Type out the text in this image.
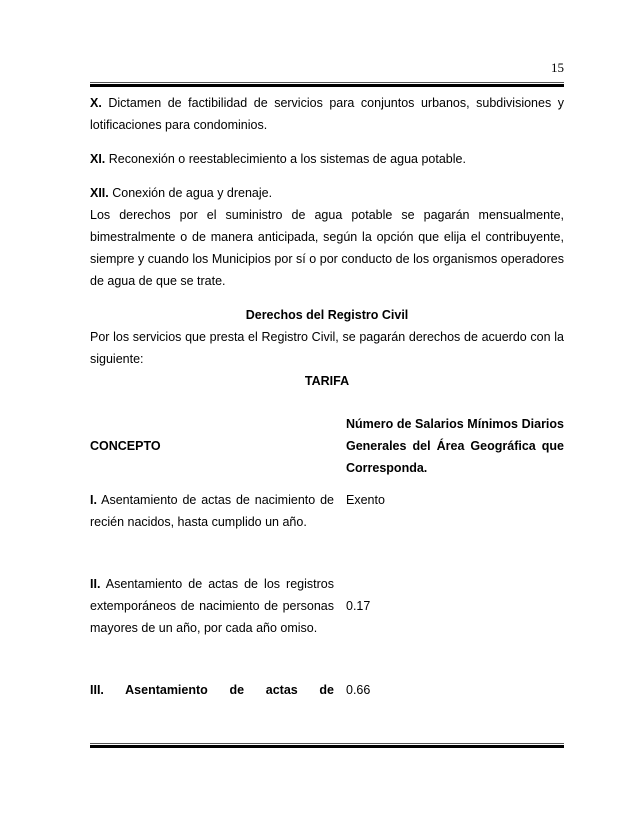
15

X. Dictamen de factibilidad de servicios para conjuntos urbanos, subdivisiones y lotificaciones para condominios.

XI. Reconexión o reestablecimiento a los sistemas de agua potable.

XII. Conexión de agua y drenaje.

Los derechos por el suministro de agua potable se pagarán mensualmente, bimestralmente o de manera anticipada, según la opción que elija el contribuyente, siempre y cuando los Municipios por sí o por conducto de los organismos operadores de agua de que se trate.

Derechos del Registro Civil

Por los servicios que presta el Registro Civil, se pagarán derechos de acuerdo con la siguiente:

TARIFA

CONCEPTO
Número de Salarios Mínimos Diarios Generales del Área Geográfica que Corresponda.
I. Asentamiento de actas de nacimiento de recién nacidos, hasta cumplido un año.
Exento
II. Asentamiento de actas de los registros extemporáneos de nacimiento de personas mayores de un año, por cada año omiso.
0.17
III. Asentamiento de actas de 0.66
